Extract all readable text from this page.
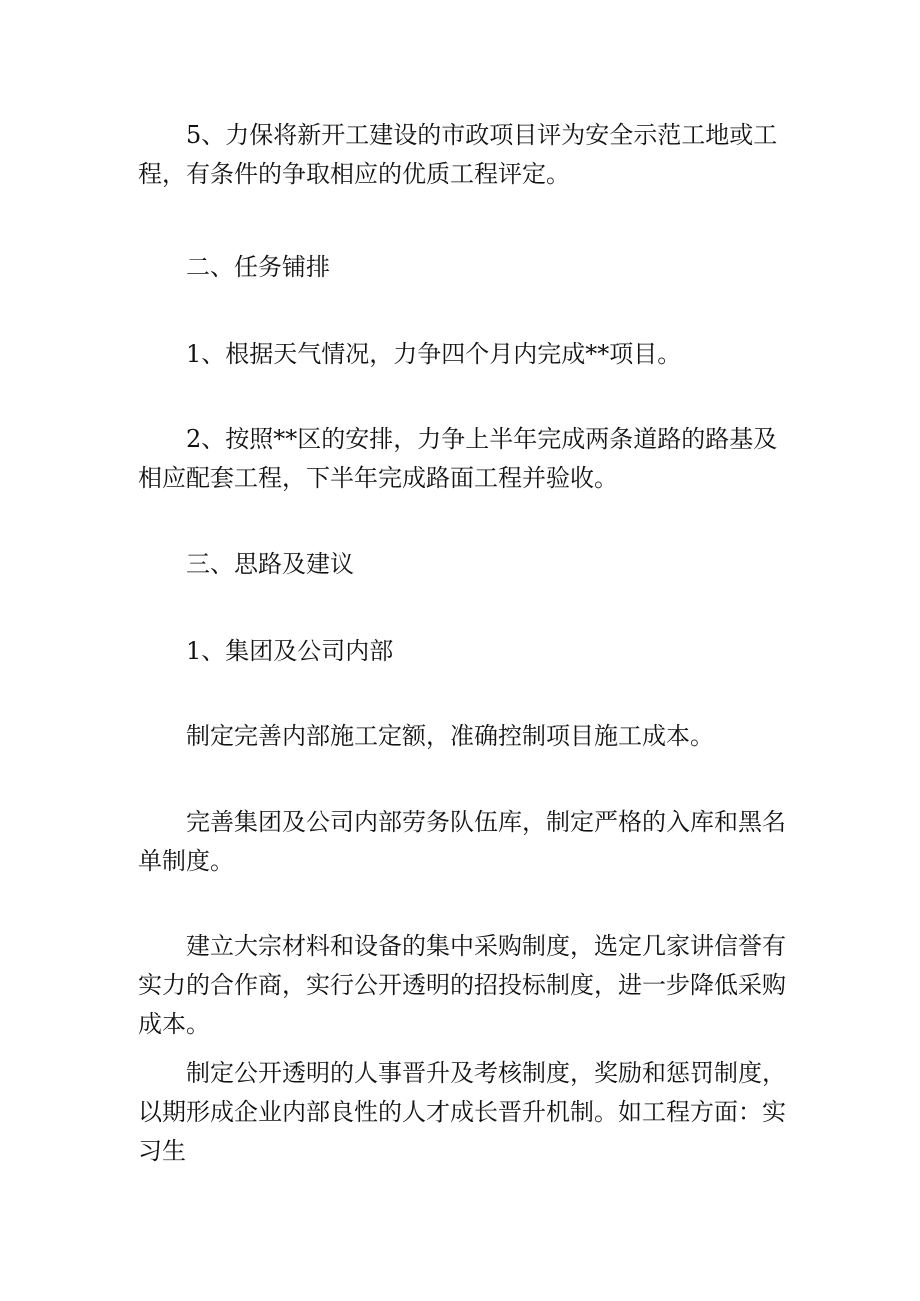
5、力保将新开工建设的市政项目评为安全示范工地或工程，有条件的争取相应的优质工程评定。

二、任务铺排

1、根据天气情况，力争四个月内完成**项目。

2、按照**区的安排，力争上半年完成两条道路的路基及相应配套工程，下半年完成路面工程并验收。

三、思路及建议

1、集团及公司内部

制定完善内部施工定额，准确控制项目施工成本。

完善集团及公司内部劳务队伍库，制定严格的入库和黑名单制度。

建立大宗材料和设备的集中采购制度，选定几家讲信誉有实力的合作商，实行公开透明的招投标制度，进一步降低采购成本。

制定公开透明的人事晋升及考核制度，奖励和惩罚制度，以期形成企业内部良性的人才成长晋升机制。如工程方面：实习生
